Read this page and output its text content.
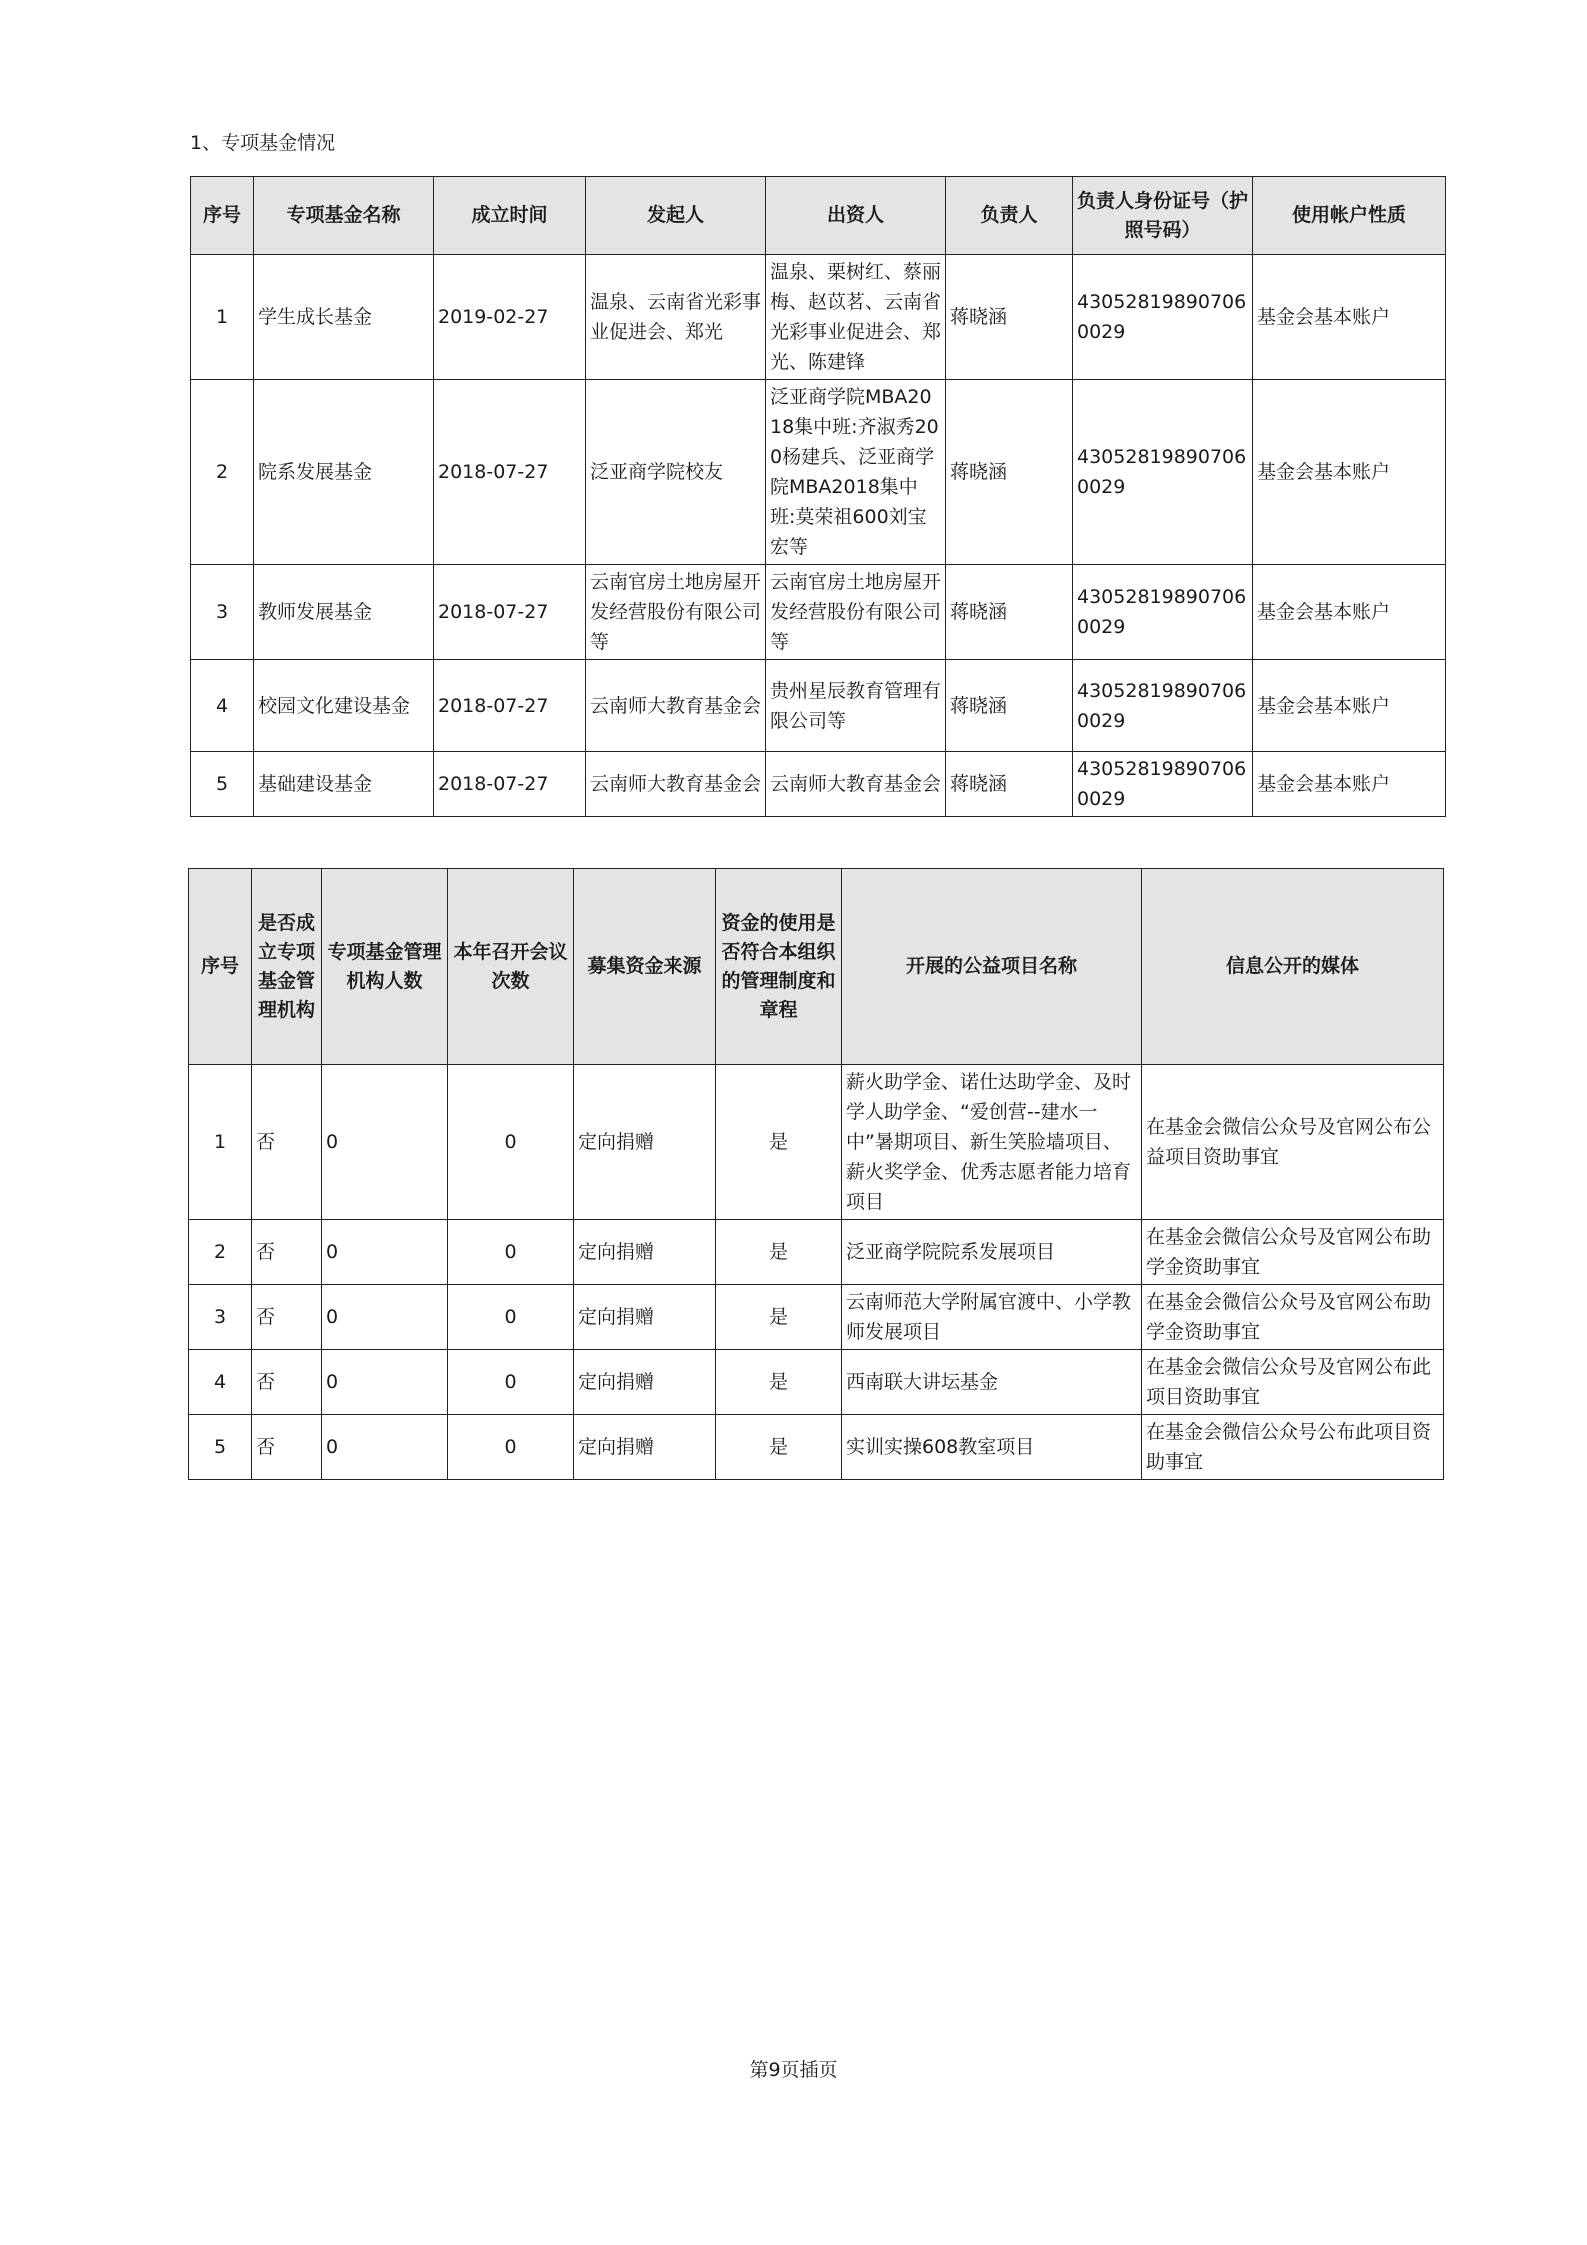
1、专项基金情况
序号	专项基金名称	成立时间	发起人	出资人	负责人	负责人身份证号（护照号码）	使用帐户性质
1	学生成长基金	2019-02-27	温泉、云南省光彩事业促进会、郑光	温泉、栗树红、蔡丽梅、赵苡茗、云南省光彩事业促进会、郑光、陈建锋	蒋晓涵	430528198907060029	基金会基本账户
2	院系发展基金	2018-07-27	泛亚商学院校友	泛亚商学院MBA2018集中班:齐淑秀200杨建兵、泛亚商学院MBA2018集中班:莫荣祖600刘宝宏等	蒋晓涵	430528198907060029	基金会基本账户
3	教师发展基金	2018-07-27	云南官房土地房屋开发经营股份有限公司等	云南官房土地房屋开发经营股份有限公司等	蒋晓涵	430528198907060029	基金会基本账户
4	校园文化建设基金	2018-07-27	云南师大教育基金会	贵州星辰教育管理有限公司等	蒋晓涵	430528198907060029	基金会基本账户
5	基础建设基金	2018-07-27	云南师大教育基金会	云南师大教育基金会	蒋晓涵	430528198907060029	基金会基本账户
序号	是否成立专项基金管理机构	专项基金管理机构人数	本年召开会议次数	募集资金来源	资金的使用是否符合本组织的管理制度和章程	开展的公益项目名称	信息公开的媒体
1	否	0	0	定向捐赠	是	薪火助学金、诺仕达助学金、及时学人助学金、“爱创营--建水一中”暑期项目、新生笑脸墙项目、薪火奖学金、优秀志愿者能力培育项目	在基金会微信公众号及官网公布公益项目资助事宜
2	否	0	0	定向捐赠	是	泛亚商学院院系发展项目	在基金会微信公众号及官网公布助学金资助事宜
3	否	0	0	定向捐赠	是	云南师范大学附属官渡中、小学教师发展项目	在基金会微信公众号及官网公布助学金资助事宜
4	否	0	0	定向捐赠	是	西南联大讲坛基金	在基金会微信公众号及官网公布此项目资助事宜
5	否	0	0	定向捐赠	是	实训实操608教室项目	在基金会微信公众号公布此项目资助事宜
第9页插页
